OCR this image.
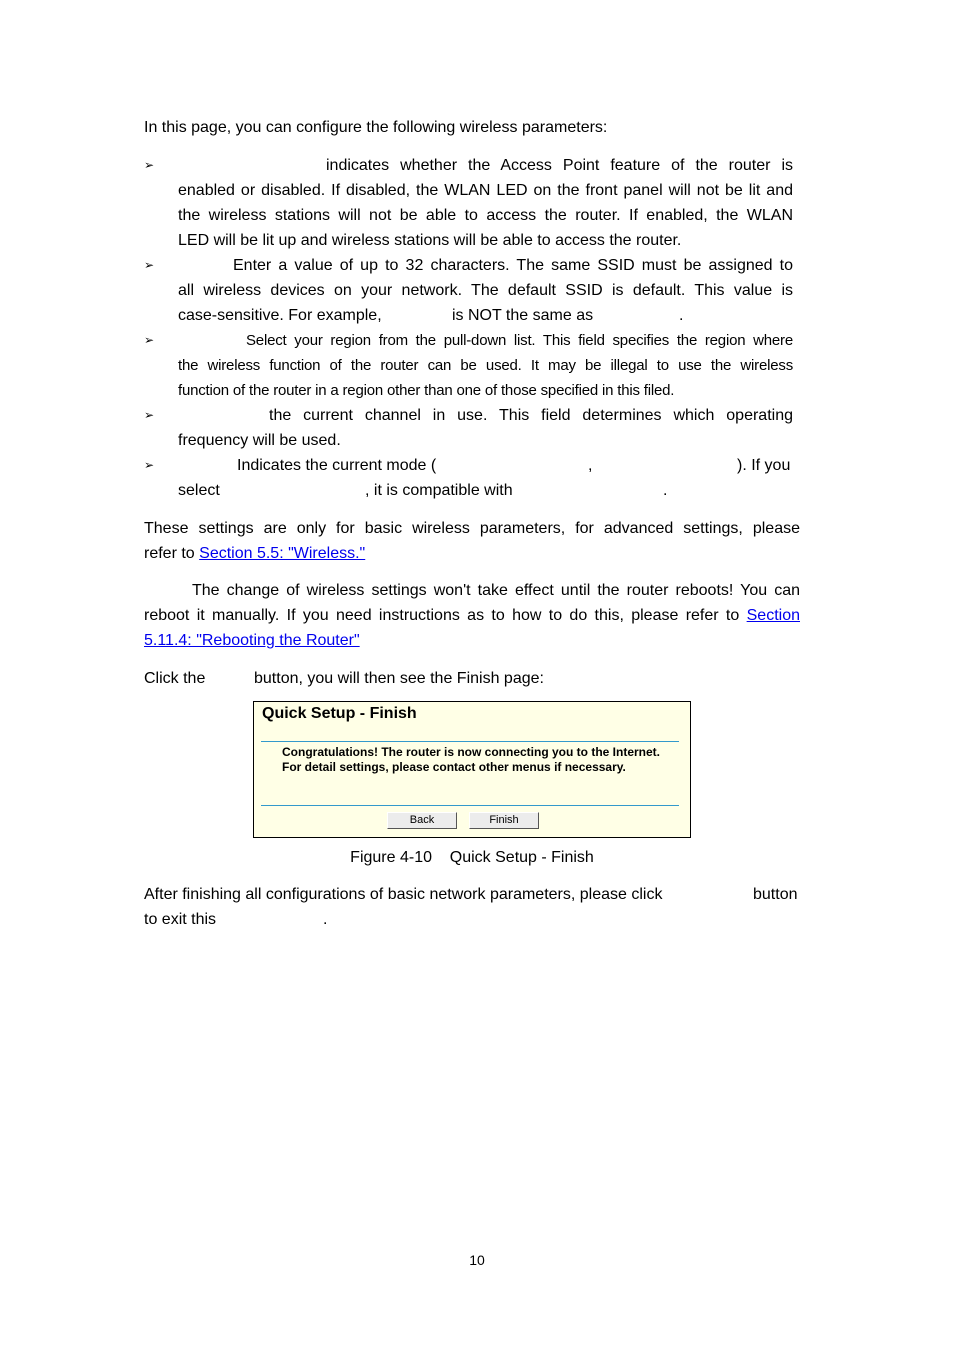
In this page, you can configure the following wireless parameters:
➢	indicates whether the Access Point feature of the router is
enabled or disabled. If disabled, the WLAN LED on the front panel will not be lit and
the wireless stations will not be able to access the router. If enabled, the WLAN
LED will be lit up and wireless stations will be able to access the router.
➢	Enter a value of up to 32 characters. The same SSID must be assigned to
all wireless devices on your network. The default SSID is default. This value is
case-sensitive. For example,	is NOT the same as	.
➢	Select your region from the pull-down list. This field specifies the region where
the wireless function of the router can be used. It may be illegal to use the wireless
function of the router in a region other than one of those specified in this filed.
➢	the current channel in use. This field determines which operating
frequency will be used.
➢	Indicates the current mode (	,	). If you
select	, it is compatible with	.
These settings are only for basic wireless parameters, for advanced settings, please
refer to Section 5.5: "Wireless."
The change of wireless settings won't take effect until the router reboots! You can
reboot it manually. If you need instructions as to how to do this, please refer to Section
5.11.4: "Rebooting the Router"
Click the	button, you will then see the Finish page:
Quick Setup - Finish
Congratulations! The router is now connecting you to the Internet. For detail settings, please contact other menus if necessary.
Back	Finish
Figure 4-10    Quick Setup - Finish
After finishing all configurations of basic network parameters, please click	button
to exit this	.
10
